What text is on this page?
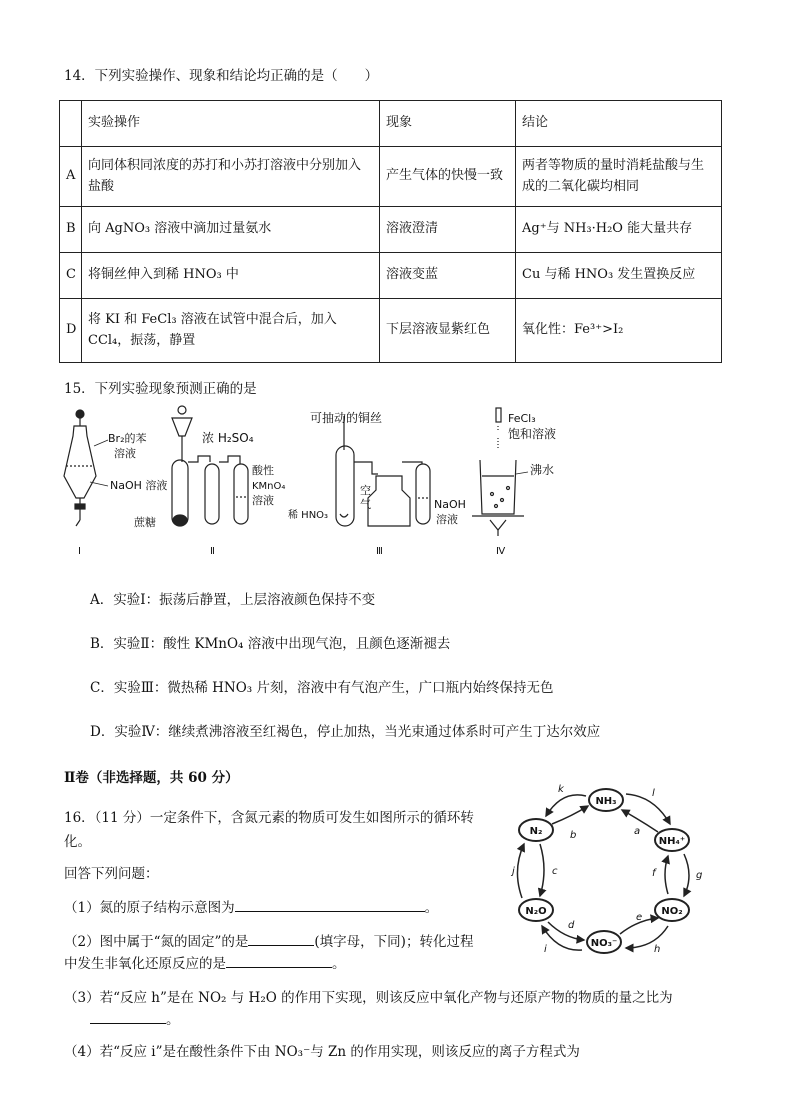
14．下列实验操作、现象和结论均正确的是（　　）
	实验操作	现象	结论
A	向同体积同浓度的苏打和小苏打溶液中分别加入盐酸	产生气体的快慢一致	两者等物质的量时消耗盐酸与生成的二氧化碳均相同
B	向 AgNO₃ 溶液中滴加过量氨水	溶液澄清	Ag⁺与 NH₃·H₂O 能大量共存
C	将铜丝伸入到稀 HNO₃ 中	溶液变蓝	Cu 与稀 HNO₃ 发生置换反应
D	将 KI 和 FeCl₃ 溶液在试管中混合后，加入 CCl₄，振荡，静置	下层溶液显紫红色	氧化性：Fe³⁺>I₂
15．下列实验现象预测正确的是
Br₂的苯
溶液
NaOH 溶液
Ⅰ
浓 H₂SO₄
酸性
KMnO₄
溶液
蔗糖
Ⅱ
可抽动的铜丝
空
气
稀 HNO₃
NaOH
溶液
Ⅲ
FeCl₃
饱和溶液
沸水
Ⅳ
A．实验Ⅰ：振荡后静置，上层溶液颜色保持不变
B．实验Ⅱ：酸性 KMnO₄ 溶液中出现气泡，且颜色逐渐褪去
C．实验Ⅲ：微热稀 HNO₃ 片刻，溶液中有气泡产生，广口瓶内始终保持无色
D．实验Ⅳ：继续煮沸溶液至红褐色，停止加热，当光束通过体系时可产生丁达尔效应
Ⅱ卷（非选择题，共 60 分）
16．（11 分）一定条件下，含氮元素的物质可发生如图所示的循环转
化。
回答下列问题：
（1）氮的原子结构示意图为	。
（2）图中属于“氮的固定”的是	(填字母，下同)；转化过程
中发生非氧化还原反应的是	。
（3）若“反应 h”是在 NO₂ 与 H₂O 的作用下实现，则该反应中氧化产物与还原产物的物质的量之比为
。
（4）若“反应 i”是在酸性条件下由 NO₃⁻与 Zn 的作用实现，则该反应的离子方程式为
NH₃
NH₄⁺
NO₂
NO₃⁻
N₂O
N₂
k	l
a
b
c
j	f	g
d
e
h
i
